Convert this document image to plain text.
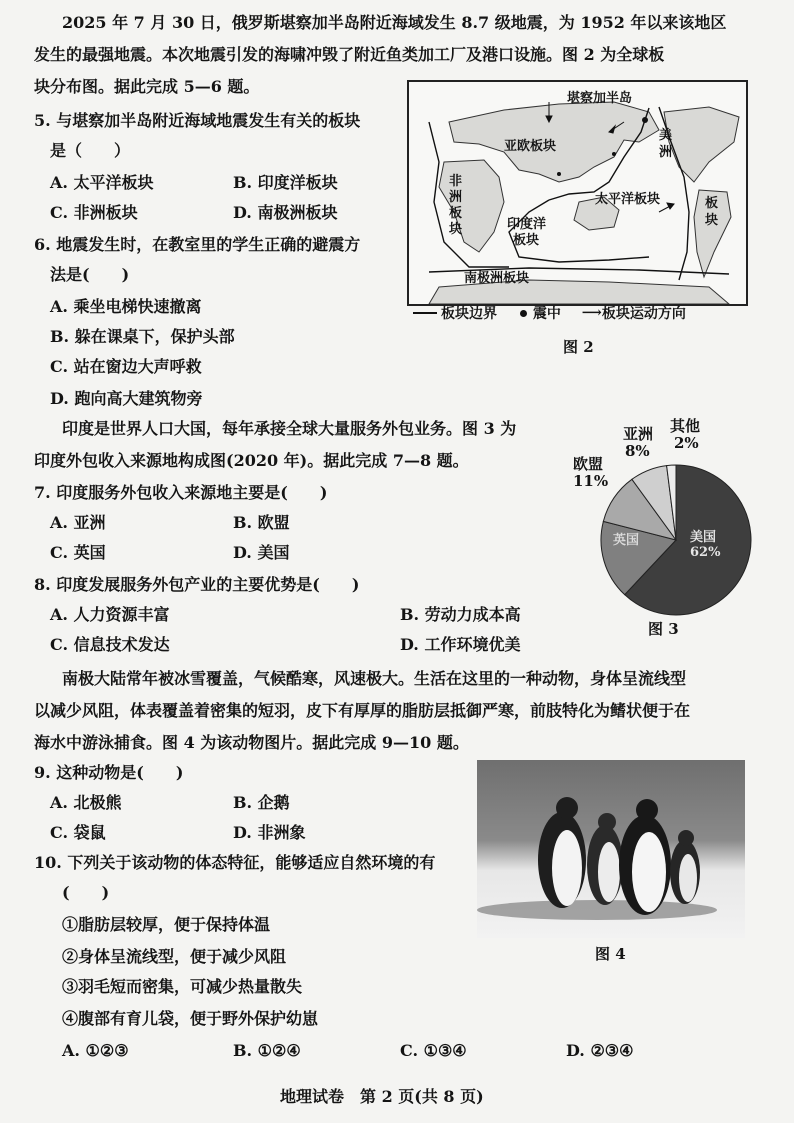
2025 年 7 月 30 日，俄罗斯堪察加半岛附近海域发生 8.7 级地震，为 1952 年以来该地区
发生的最强地震。本次地震引发的海啸冲毁了附近鱼类加工厂及港口设施。图 2 为全球板
块分布图。据此完成 5—6 题。
5. 与堪察加半岛附近海域地震发生有关的板块
是（　　）
A. 太平洋板块	B. 印度洋板块
C. 非洲板块	D. 南极洲板块
6. 地震发生时，在教室里的学生正确的避震方
法是(　　)
A. 乘坐电梯快速撤离
B. 躲在课桌下，保护头部
C. 站在窗边大声呼救
D. 跑向高大建筑物旁
堪察加半岛
亚欧板块
非
洲
板
块	印度洋
板块
太平洋板块
美
洲
板
块
南极洲板块
板块边界	震中 ⟶板块运动方向
图 2
印度是世界人口大国，每年承接全球大量服务外包业务。图 3 为
印度外包收入来源地构成图(2020 年)。据此完成 7—8 题。
7. 印度服务外包收入来源地主要是(　　)
A. 亚洲	B. 欧盟
C. 英国	D. 美国
8. 印度发展服务外包产业的主要优势是(　　)
A. 人力资源丰富	B. 劳动力成本高
C. 信息技术发达	D. 工作环境优美
亚洲
8%
其他
2%
欧盟
11%
英国	美国
62%
图 3
南极大陆常年被冰雪覆盖，气候酷寒，风速极大。生活在这里的一种动物，身体呈流线型
以减少风阻，体表覆盖着密集的短羽，皮下有厚厚的脂肪层抵御严寒，前肢特化为鳍状便于在
海水中游泳捕食。图 4 为该动物图片。据此完成 9—10 题。
9. 这种动物是(　　)
A. 北极熊	B. 企鹅
C. 袋鼠	D. 非洲象
图 4
10. 下列关于该动物的体态特征，能够适应自然环境的有
(　　)
①脂肪层较厚，便于保持体温
②身体呈流线型，便于减少风阻
③羽毛短而密集，可减少热量散失
④腹部有育儿袋，便于野外保护幼崽
A. ①②③	B. ①②④	C. ①③④	D. ②③④
地理试卷　第 2 页(共 8 页)
